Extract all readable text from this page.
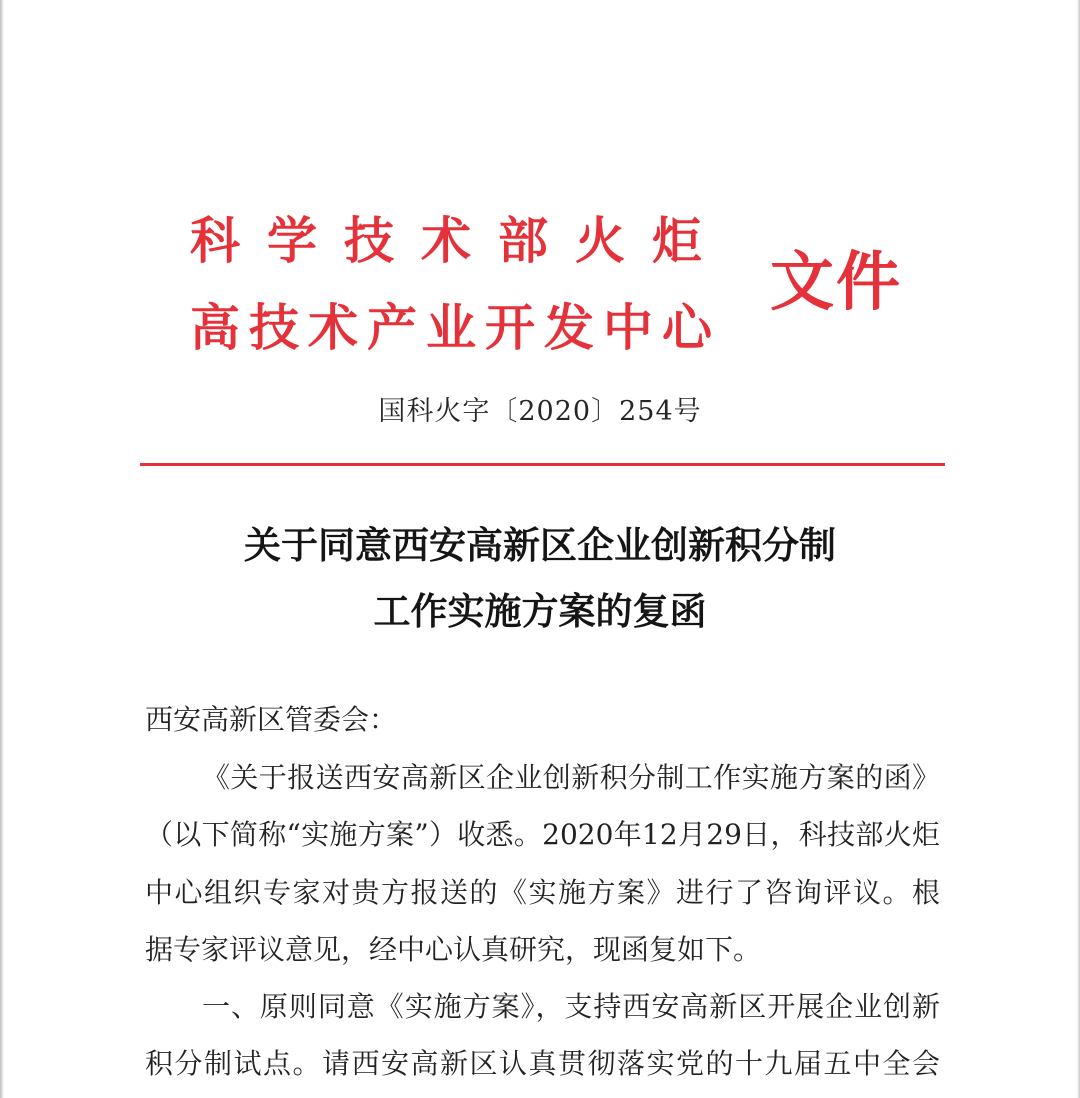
科学技术部火炬
高技术产业开发中心
文件
国科火字〔2020〕254号
关于同意西安高新区企业创新积分制
工作实施方案的复函
西安高新区管委会：
《关于报送西安高新区企业创新积分制工作实施方案的函》
（以下简称“实施方案”）收悉。2020年12月29日，科技部火炬
中心组织专家对贵方报送的《实施方案》进行了咨询评议。根
据专家评议意见，经中心认真研究，现函复如下。
一、原则同意《实施方案》，支持西安高新区开展企业创新
积分制试点。请西安高新区认真贯彻落实党的十九届五中全会
